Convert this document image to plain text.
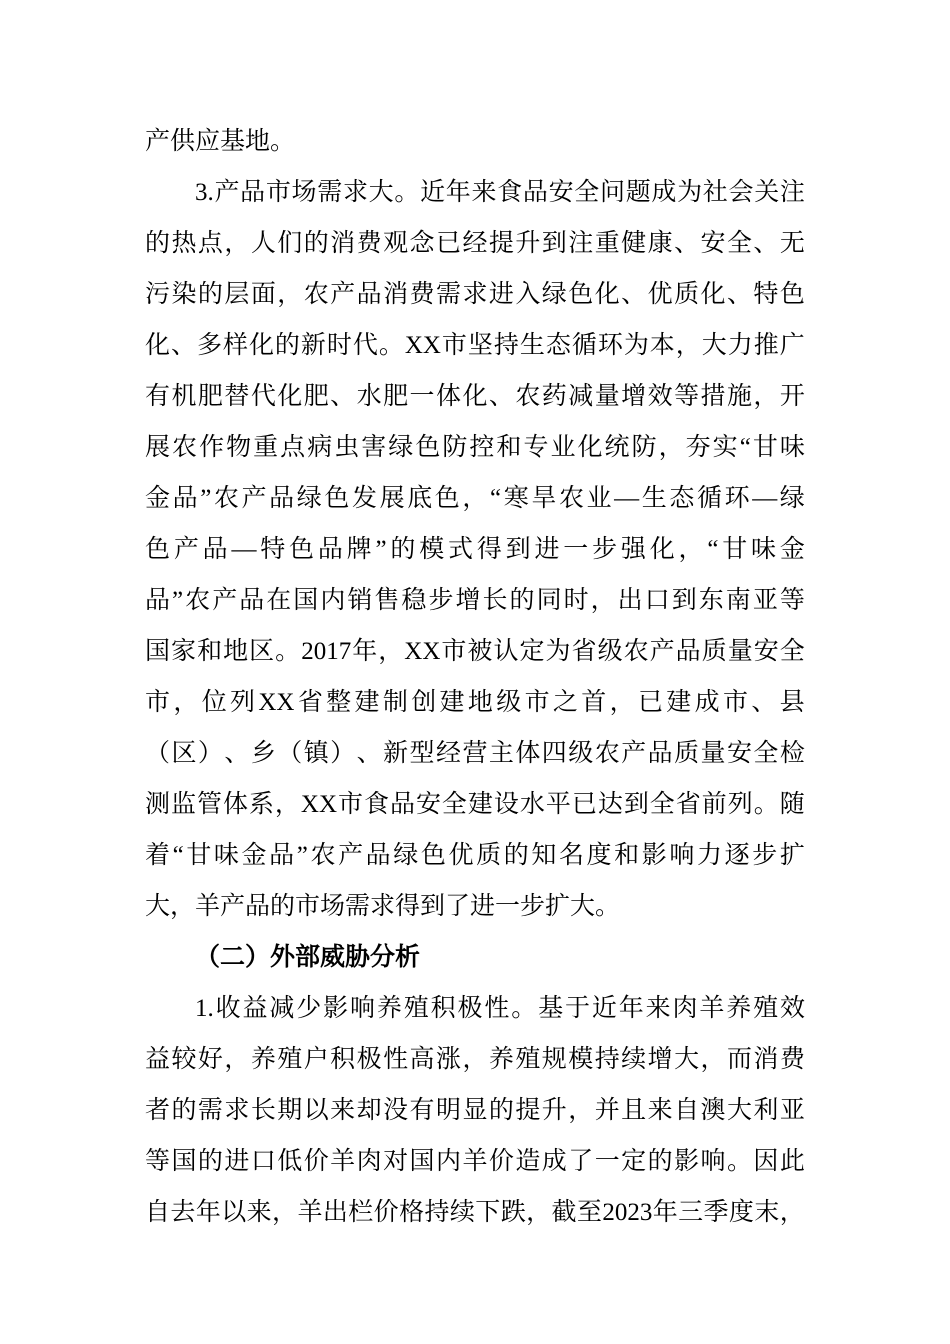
产供应基地。
3. 产 品 市 场 需 求 大 。 近 年 来 食 品 安 全 问 题 成 为 社 会 关 注
的 热 点 ， 人 们 的 消 费 观 念 已 经 提 升 到 注 重 健 康 、 安 全 、 无
污 染 的 层 面 ， 农 产 品 消 费 需 求 进 入 绿 色 化 、 优 质 化 、 特 色
化 、 多 样 化 的 新 时 代 。 XX 市 坚 持 生 态 循 环 为 本 ， 大 力 推 广
有 机 肥 替 代 化 肥 、 水 肥 一 体 化 、 农 药 减 量 增 效 等 措 施 ， 开
展 农 作 物 重 点 病 虫 害 绿 色 防 控 和 专 业 化 统 防 ， 夯 实 “ 甘 味
金 品 ” 农 产 品 绿 色 发 展 底 色 ， “ 寒 旱 农 业 — 生 态 循 环 — 绿
色 产 品 — 特 色 品 牌 ” 的 模 式 得 到 进 一 步 强 化 ， “ 甘 味 金
品 ” 农 产 品 在 国 内 销 售 稳 步 增 长 的 同 时 ， 出 口 到 东 南 亚 等
国 家 和 地 区 。 2017 年 ， XX 市 被 认 定 为 省 级 农 产 品 质 量 安 全
市 ， 位 列 XX 省 整 建 制 创 建 地 级 市 之 首 ， 已 建 成 市 、 县
（ 区 ） 、 乡 （ 镇 ） 、 新 型 经 营 主 体 四 级 农 产 品 质 量 安 全 检
测 监 管 体 系 ， XX 市 食 品 安 全 建 设 水 平 已 达 到 全 省 前 列 。 随
着 “ 甘 味 金 品 ” 农 产 品 绿 色 优 质 的 知 名 度 和 影 响 力 逐 步 扩
大，羊产品的市场需求得到了进一步扩大。
（二）外部威胁分析
1. 收 益 减 少 影 响 养 殖 积 极 性 。 基 于 近 年 来 肉 羊 养 殖 效
益 较 好 ， 养 殖 户 积 极 性 高 涨 ， 养 殖 规 模 持 续 增 大 ， 而 消 费
者 的 需 求 长 期 以 来 却 没 有 明 显 的 提 升 ， 并 且 来 自 澳 大 利 亚
等 国 的 进 口 低 价 羊 肉 对 国 内 羊 价 造 成 了 一 定 的 影 响 。 因 此
自 去 年 以 来 ， 羊 出 栏 价 格 持 续 下 跌 ， 截 至 2023 年 三 季 度 末 ，
